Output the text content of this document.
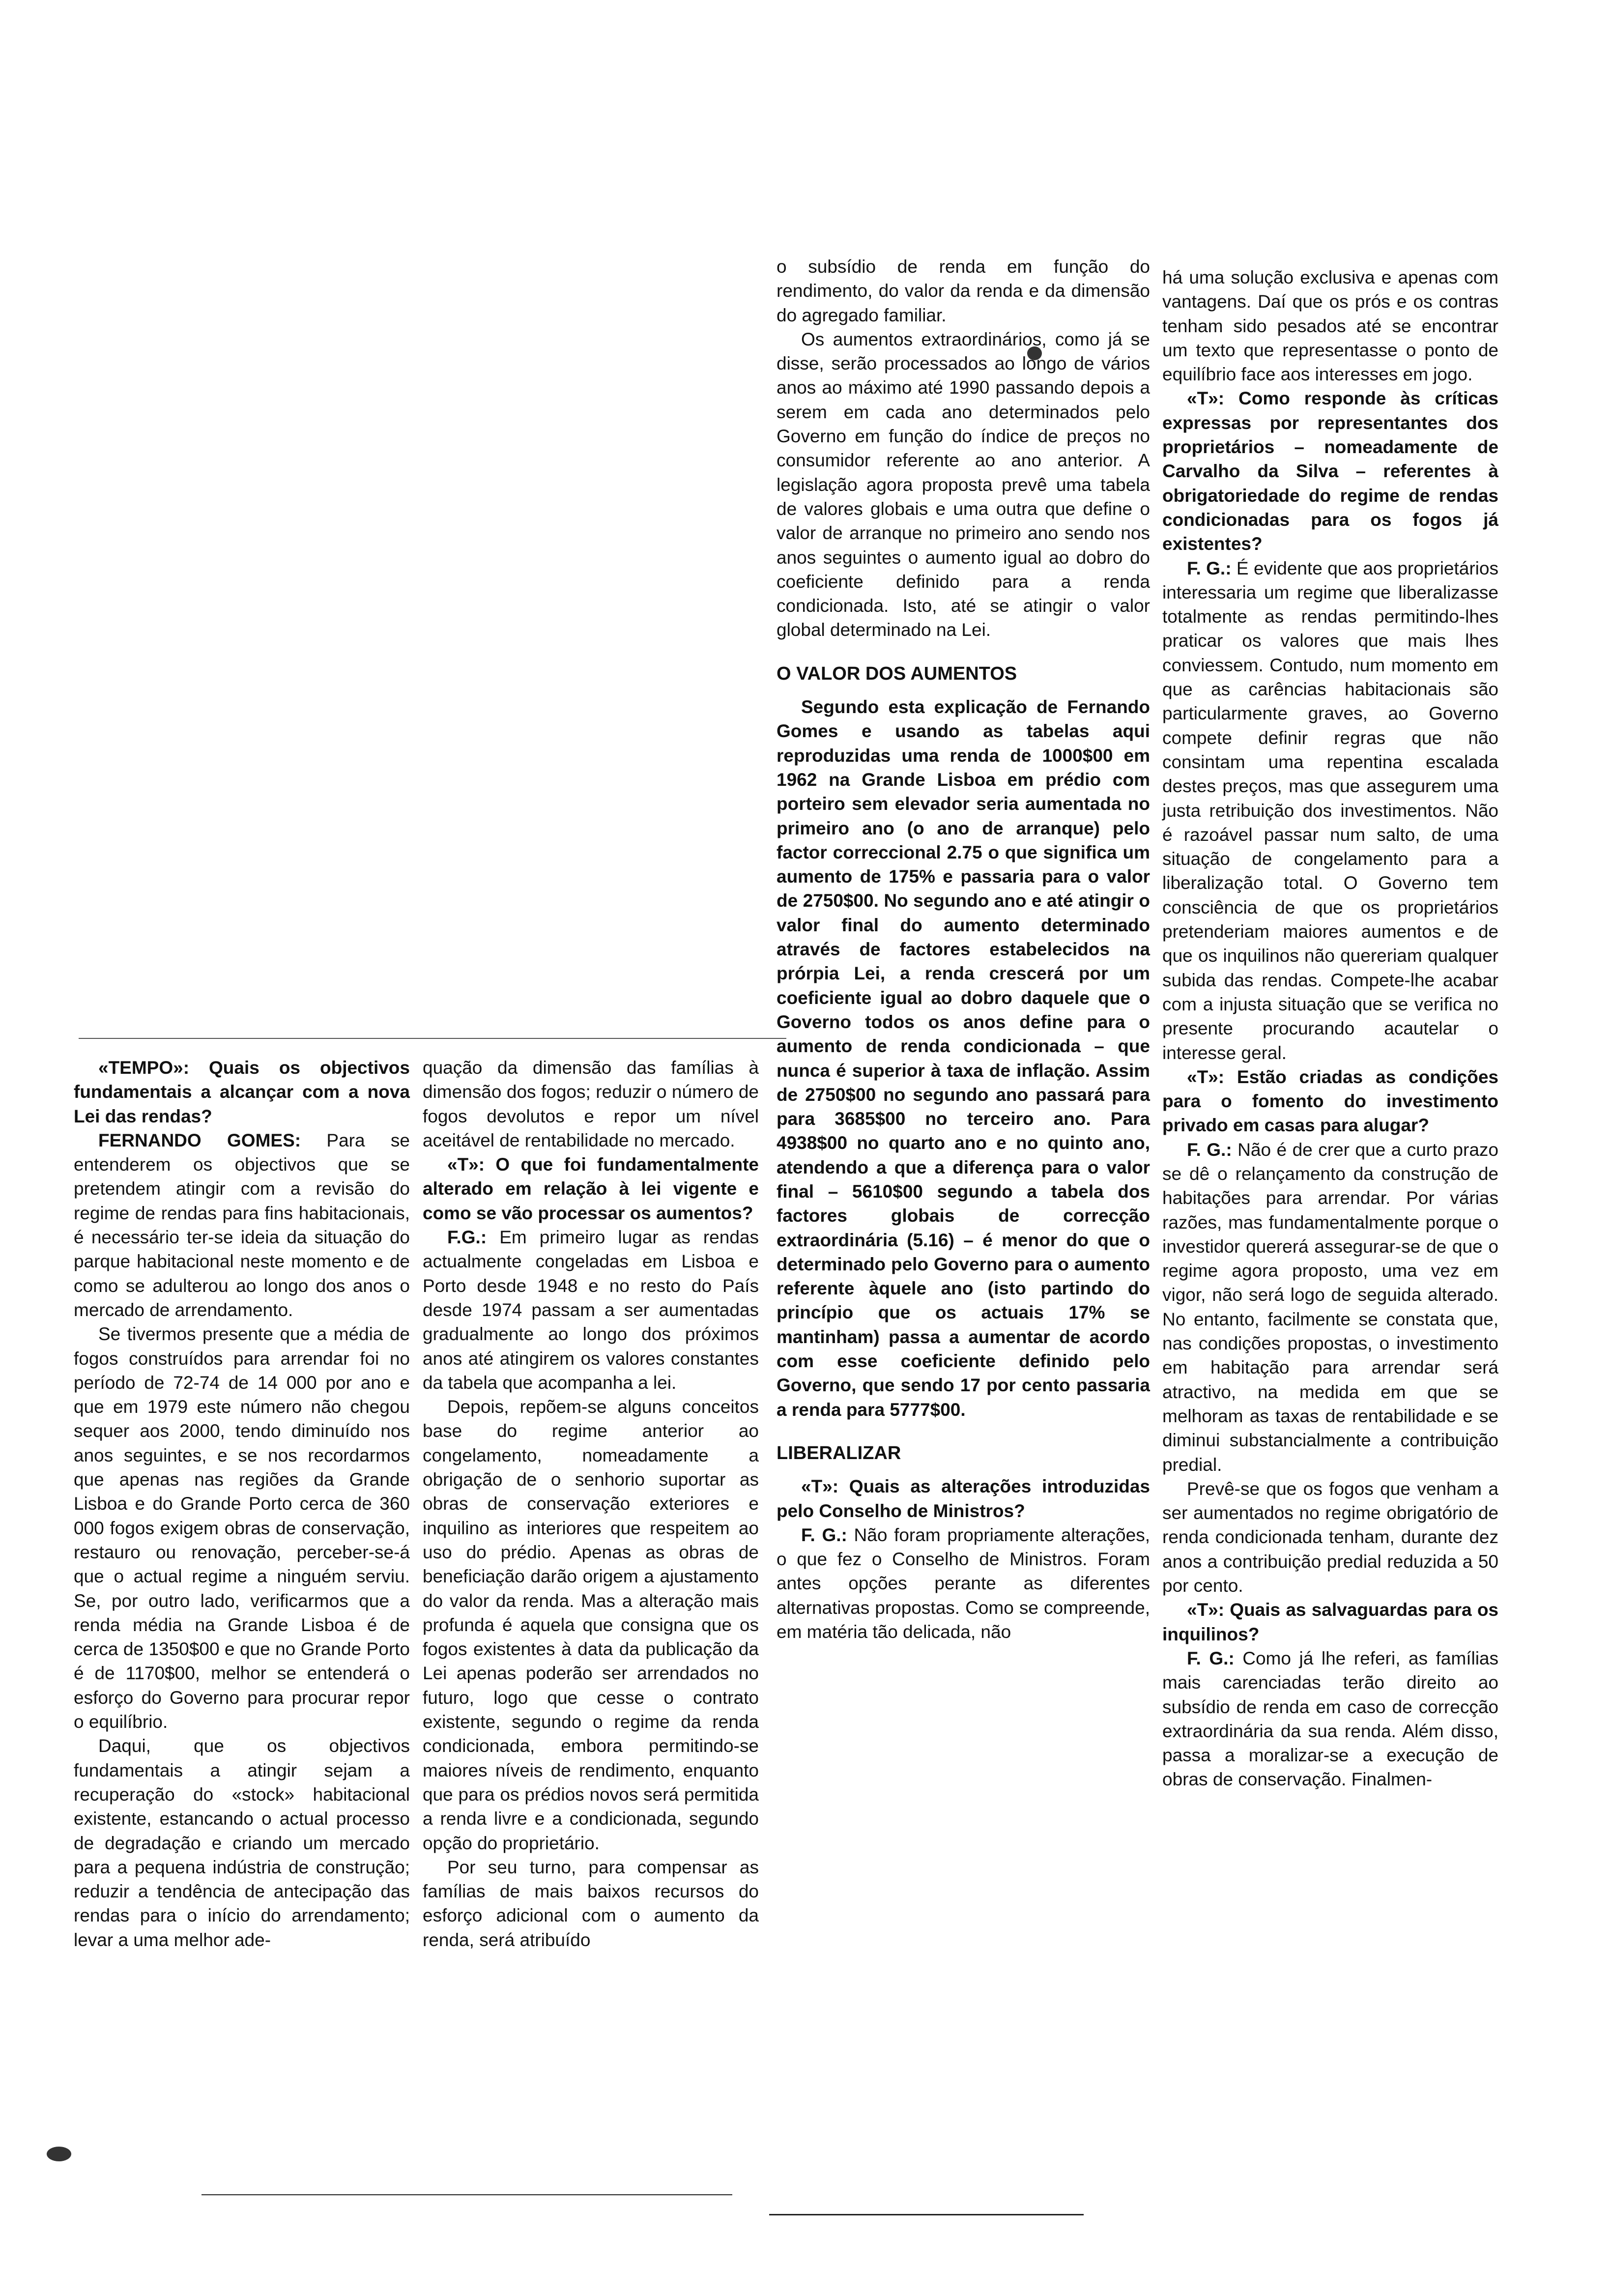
«TEMPO»: Quais os objectivos fundamentais a alcançar com a nova Lei das rendas?

FERNANDO GOMES: Para se entenderem os objectivos que se pretendem atingir com a revisão do regime de rendas para fins habitacionais, é necessário ter-se ideia da situação do parque habitacional neste momento e de como se adulterou ao longo dos anos o mercado de arrendamento.

Se tivermos presente que a média de fogos construídos para arrendar foi no período de 72-74 de 14 000 por ano e que em 1979 este número não chegou sequer aos 2000, tendo diminuído nos anos seguintes, e se nos recordarmos que apenas nas regiões da Grande Lisboa e do Grande Porto cerca de 360 000 fogos exigem obras de conservação, restauro ou renovação, perceber-se-á que o actual regime a ninguém serviu. Se, por outro lado, verificarmos que a renda média na Grande Lisboa é de cerca de 1350$00 e que no Grande Porto é de 1170$00, melhor se entenderá o esforço do Governo para procurar repor o equilíbrio.

Daqui, que os objectivos fundamentais a atingir sejam a recuperação do «stock» habitacional existente, estancando o actual processo de degradação e criando um mercado para a pequena indústria de construção; reduzir a tendência de antecipação das rendas para o início do arrendamento; levar a uma melhor ade-

quação da dimensão das famílias à dimensão dos fogos; reduzir o número de fogos devolutos e repor um nível aceitável de rentabilidade no mercado.

«T»: O que foi fundamentalmente alterado em relação à lei vigente e como se vão processar os aumentos?

F.G.: Em primeiro lugar as rendas actualmente congeladas em Lisboa e Porto desde 1948 e no resto do País desde 1974 passam a ser aumentadas gradualmente ao longo dos próximos anos até atingirem os valores constantes da tabela que acompanha a lei.

Depois, repõem-se alguns conceitos base do regime anterior ao congelamento, nomeadamente a obrigação de o senhorio suportar as obras de conservação exteriores e inquilino as interiores que respeitem ao uso do prédio. Apenas as obras de beneficiação darão origem a ajustamento do valor da renda. Mas a alteração mais profunda é aquela que consigna que os fogos existentes à data da publicação da Lei apenas poderão ser arrendados no futuro, logo que cesse o contrato existente, segundo o regime da renda condicionada, embora permitindo-se maiores níveis de rendimento, enquanto que para os prédios novos será permitida a renda livre e a condicionada, segundo opção do proprietário.

Por seu turno, para compensar as famílias de mais baixos recursos do esforço adicional com o aumento da renda, será atribuído

o subsídio de renda em função do rendimento, do valor da renda e da dimensão do agregado familiar.

Os aumentos extraordinários, como já se disse, serão processados ao longo de vários anos ao máximo até 1990 passando depois a serem em cada ano determinados pelo Governo em função do índice de preços no consumidor referente ao ano anterior. A legislação agora proposta prevê uma tabela de valores globais e uma outra que define o valor de arranque no primeiro ano sendo nos anos seguintes o aumento igual ao dobro do coeficiente definido para a renda condicionada. Isto, até se atingir o valor global determinado na Lei.

O VALOR DOS AUMENTOS

Segundo esta explicação de Fernando Gomes e usando as tabelas aqui reproduzidas uma renda de 1000$00 em 1962 na Grande Lisboa em prédio com porteiro sem elevador seria aumentada no primeiro ano (o ano de arranque) pelo factor correccional 2.75 o que significa um aumento de 175% e passaria para o valor de 2750$00. No segundo ano e até atingir o valor final do aumento determinado através de factores estabelecidos na prórpia Lei, a renda crescerá por um coeficiente igual ao dobro daquele que o Governo todos os anos define para o aumento de renda condicionada – que nunca é superior à taxa de inflação. Assim de 2750$00 no segundo ano passará para para 3685$00 no terceiro ano. Para 4938$00 no quarto ano e no quinto ano, atendendo a que a diferença para o valor final – 5610$00 segundo a tabela dos factores globais de correcção extraordinária (5.16) – é menor do que o determinado pelo Governo para o aumento referente àquele ano (isto partindo do princípio que os actuais 17% se mantinham) passa a aumentar de acordo com esse coeficiente definido pelo Governo, que sendo 17 por cento passaria a renda para 5777$00.

LIBERALIZAR

«T»: Quais as alterações introduzidas pelo Conselho de Ministros?

F. G.: Não foram propriamente alterações, o que fez o Conselho de Ministros. Foram antes opções perante as diferentes alternativas propostas. Como se compreende, em matéria tão delicada, não

há uma solução exclusiva e apenas com vantagens. Daí que os prós e os contras tenham sido pesados até se encontrar um texto que representasse o ponto de equilíbrio face aos interesses em jogo.

«T»: Como responde às críticas expressas por representantes dos proprietários – nomeadamente de Carvalho da Silva – referentes à obrigatoriedade do regime de rendas condicionadas para os fogos já existentes?

F. G.: É evidente que aos proprietários interessaria um regime que liberalizasse totalmente as rendas permitindo-lhes praticar os valores que mais lhes conviessem. Contudo, num momento em que as carências habitacionais são particularmente graves, ao Governo compete definir regras que não consintam uma repentina escalada destes preços, mas que assegurem uma justa retribuição dos investimentos. Não é razoável passar num salto, de uma situação de congelamento para a liberalização total. O Governo tem consciência de que os proprietários pretenderiam maiores aumentos e de que os inquilinos não quereriam qualquer subida das rendas. Compete-lhe acabar com a injusta situação que se verifica no presente procurando acautelar o interesse geral.

«T»: Estão criadas as condições para o fomento do investimento privado em casas para alugar?

F. G.: Não é de crer que a curto prazo se dê o relançamento da construção de habitações para arrendar. Por várias razões, mas fundamentalmente porque o investidor quererá assegurar-se de que o regime agora proposto, uma vez em vigor, não será logo de seguida alterado. No entanto, facilmente se constata que, nas condições propostas, o investimento em habitação para arrendar será atractivo, na medida em que se melhoram as taxas de rentabilidade e se diminui substancialmente a contribuição predial.

Prevê-se que os fogos que venham a ser aumentados no regime obrigatório de renda condicionada tenham, durante dez anos a contribuição predial reduzida a 50 por cento.

«T»: Quais as salvaguardas para os inquilinos?

F. G.: Como já lhe referi, as famílias mais carenciadas terão direito ao subsídio de renda em caso de correcção extraordinária da sua renda. Além disso, passa a moralizar-se a execução de obras de conservação. Finalmen-
